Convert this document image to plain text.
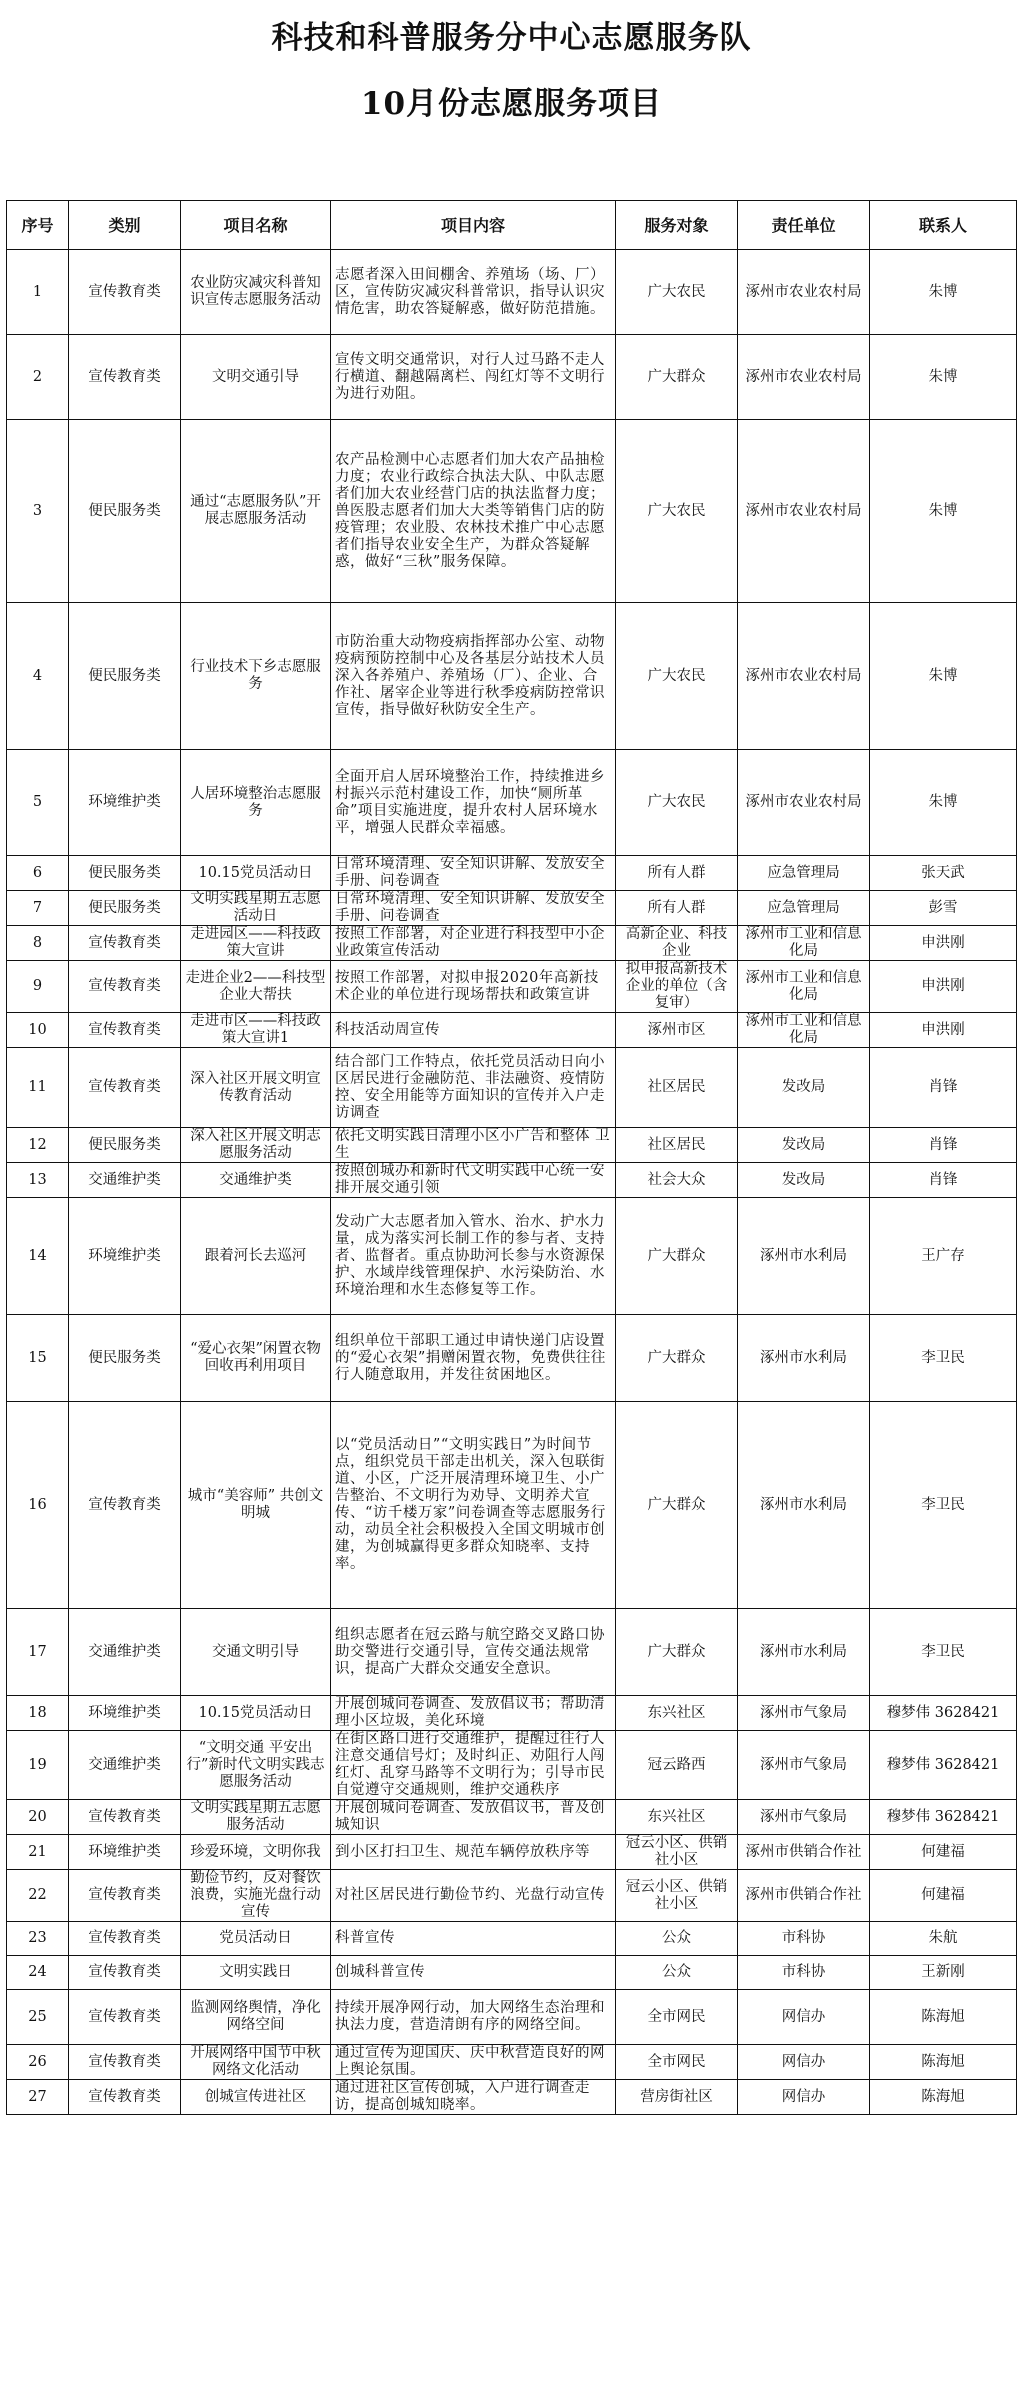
科技和科普服务分中心志愿服务队
10月份志愿服务项目
序号	类别	项目名称	项目内容	服务对象	责任单位	联系人
1	宣传教育类	农业防灾减灾科普知识宣传志愿服务活动	志愿者深入田间棚舍、养殖场（场、厂）区，宣传防灾减灾科普常识，指导认识灾情危害，助农答疑解惑，做好防范措施。	广大农民	涿州市农业农村局	朱博
2	宣传教育类	文明交通引导	宣传文明交通常识，对行人过马路不走人行横道、翻越隔离栏、闯红灯等不文明行为进行劝阻。	广大群众	涿州市农业农村局	朱博
3	便民服务类	通过“志愿服务队”开展志愿服务活动	农产品检测中心志愿者们加大农产品抽检力度；农业行政综合执法大队、中队志愿者们加大农业经营门店的执法监督力度；兽医股志愿者们加大大类等销售门店的防疫管理；农业股、农林技术推广中心志愿者们指导农业安全生产，为群众答疑解惑，做好“三秋”服务保障。	广大农民	涿州市农业农村局	朱博
4	便民服务类	行业技术下乡志愿服务	市防治重大动物疫病指挥部办公室、动物疫病预防控制中心及各基层分站技术人员深入各养殖户、养殖场（厂）、企业、合作社、屠宰企业等进行秋季疫病防控常识宣传，指导做好秋防安全生产。	广大农民	涿州市农业农村局	朱博
5	环境维护类	人居环境整治志愿服务	全面开启人居环境整治工作，持续推进乡村振兴示范村建设工作，加快“厕所革命”项目实施进度，提升农村人居环境水平，增强人民群众幸福感。	广大农民	涿州市农业农村局	朱博
6	便民服务类	10.15党员活动日	日常环境清理、安全知识讲解、发放安全手册、问卷调查	所有人群	应急管理局	张天武
7	便民服务类	文明实践星期五志愿活动日	日常环境清理、安全知识讲解、发放安全手册、问卷调查	所有人群	应急管理局	彭雪
8	宣传教育类	走进园区——科技政策大宣讲	按照工作部署，对企业进行科技型中小企业政策宣传活动	高新企业、科技企业	涿州市工业和信息化局	申洪刚
9	宣传教育类	走进企业2——科技型企业大帮扶	按照工作部署，对拟申报2020年高新技术企业的单位进行现场帮扶和政策宣讲	拟申报高新技术企业的单位（含复审）	涿州市工业和信息化局	申洪刚
10	宣传教育类	走进市区——科技政策大宣讲1	科技活动周宣传	涿州市区	涿州市工业和信息化局	申洪刚
11	宣传教育类	深入社区开展文明宣传教育活动	结合部门工作特点，依托党员活动日向小区居民进行金融防范、非法融资、疫情防控、安全用能等方面知识的宣传并入户走访调查	社区居民	发改局	肖锋
12	便民服务类	深入社区开展文明志愿服务活动	依托文明实践日清理小区小广告和整体 卫生	社区居民	发改局	肖锋
13	交通维护类	交通维护类	按照创城办和新时代文明实践中心统一安排开展交通引领	社会大众	发改局	肖锋
14	环境维护类	跟着河长去巡河	发动广大志愿者加入管水、治水、护水力量，成为落实河长制工作的参与者、支持者、监督者。重点协助河长参与水资源保护、水域岸线管理保护、水污染防治、水环境治理和水生态修复等工作。	广大群众	涿州市水利局	王广存
15	便民服务类	“爱心衣架”闲置衣物回收再利用项目	组织单位干部职工通过申请快递门店设置的“爱心衣架”捐赠闲置衣物，免费供往往行人随意取用，并发往贫困地区。	广大群众	涿州市水利局	李卫民
16	宣传教育类	城市“美容师” 共创文明城	以“党员活动日”“文明实践日”为时间节点，组织党员干部走出机关，深入包联街道、小区，广泛开展清理环境卫生、小广告整治、不文明行为劝导、文明养犬宣传、“访千楼万家”问卷调查等志愿服务行动，动员全社会积极投入全国文明城市创建，为创城赢得更多群众知晓率、支持率。	广大群众	涿州市水利局	李卫民
17	交通维护类	交通文明引导	组织志愿者在冠云路与航空路交叉路口协助交警进行交通引导，宣传交通法规常识，提高广大群众交通安全意识。	广大群众	涿州市水利局	李卫民
18	环境维护类	10.15党员活动日	开展创城问卷调查、发放倡议书；帮助清理小区垃圾，美化环境	东兴社区	涿州市气象局	穆梦伟 3628421
19	交通维护类	“文明交通 平安出行”新时代文明实践志愿服务活动	在街区路口进行交通维护，提醒过往行人注意交通信号灯；及时纠正、劝阻行人闯红灯、乱穿马路等不文明行为；引导市民自觉遵守交通规则，维护交通秩序	冠云路西	涿州市气象局	穆梦伟 3628421
20	宣传教育类	文明实践星期五志愿服务活动	开展创城问卷调查、发放倡议书，普及创城知识	东兴社区	涿州市气象局	穆梦伟 3628421
21	环境维护类	珍爱环境，文明你我	到小区打扫卫生、规范车辆停放秩序等	冠云小区、供销社小区	涿州市供销合作社	何建福
22	宣传教育类	勤俭节约，反对餐饮浪费，实施光盘行动宣传	对社区居民进行勤俭节约、光盘行动宣传	冠云小区、供销社小区	涿州市供销合作社	何建福
23	宣传教育类	党员活动日	科普宣传	公众	市科协	朱航
24	宣传教育类	文明实践日	创城科普宣传	公众	市科协	王新刚
25	宣传教育类	监测网络舆情，净化网络空间	持续开展净网行动，加大网络生态治理和执法力度，营造清朗有序的网络空间。	全市网民	网信办	陈海旭
26	宣传教育类	开展网络中国节中秋网络文化活动	通过宣传为迎国庆、庆中秋营造良好的网上舆论氛围。	全市网民	网信办	陈海旭
27	宣传教育类	创城宣传进社区	通过进社区宣传创城，入户进行调查走访，提高创城知晓率。	营房街社区	网信办	陈海旭
